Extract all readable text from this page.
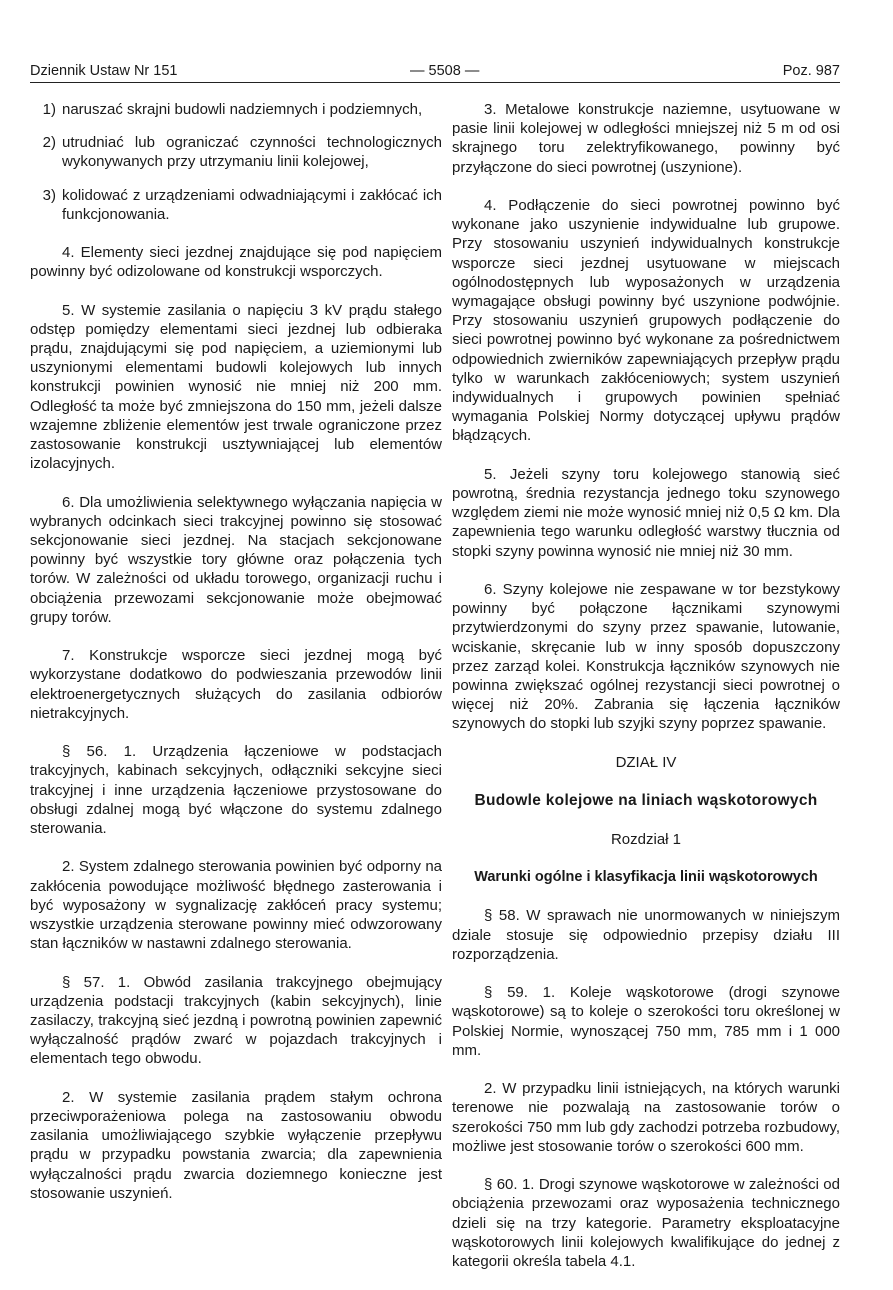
Dziennik Ustaw Nr 151	— 5508 —	Poz. 987
1) naruszać skrajni budowli nadziemnych i podziemnych,
2) utrudniać lub ograniczać czynności technologicznych wykonywanych przy utrzymaniu linii kolejowej,
3) kolidować z urządzeniami odwadniającymi i zakłócać ich funkcjonowania.

4. Elementy sieci jezdnej znajdujące się pod napięciem powinny być odizolowane od konstrukcji wsporczych.

5. W systemie zasilania o napięciu 3 kV prądu stałego odstęp pomiędzy elementami sieci jezdnej lub odbieraka prądu, znajdującymi się pod napięciem, a uziemionymi lub uszynionymi elementami budowli kolejowych lub innych konstrukcji powinien wynosić nie mniej niż 200 mm. Odległość ta może być zmniejszona do 150 mm, jeżeli dalsze wzajemne zbliżenie elementów jest trwale ograniczone przez zastosowanie konstrukcji usztywniającej lub elementów izolacyjnych.

6. Dla umożliwienia selektywnego wyłączania napięcia w wybranych odcinkach sieci trakcyjnej powinno się stosować sekcjonowanie sieci jezdnej. Na stacjach sekcjonowane powinny być wszystkie tory główne oraz połączenia tych torów. W zależności od układu torowego, organizacji ruchu i obciążenia przewozami sekcjonowanie może obejmować grupy torów.

7. Konstrukcje wsporcze sieci jezdnej mogą być wykorzystane dodatkowo do podwieszania przewodów linii elektroenergetycznych służących do zasilania odbiorów nietrakcyjnych.

§ 56. 1. Urządzenia łączeniowe w podstacjach trakcyjnych, kabinach sekcyjnych, odłączniki sekcyjne sieci trakcyjnej i inne urządzenia łączeniowe przystosowane do obsługi zdalnej mogą być włączone do systemu zdalnego sterowania.

2. System zdalnego sterowania powinien być odporny na zakłócenia powodujące możliwość błędnego zasterowania i być wyposażony w sygnalizację zakłóceń pracy systemu; wszystkie urządzenia sterowane powinny mieć odwzorowany stan łączników w nastawni zdalnego sterowania.

§ 57. 1. Obwód zasilania trakcyjnego obejmujący urządzenia podstacji trakcyjnych (kabin sekcyjnych), linie zasilaczy, trakcyjną sieć jezdną i powrotną powinien zapewnić wyłączalność prądów zwarć w pojazdach trakcyjnych i elementach tego obwodu.

2. W systemie zasilania prądem stałym ochrona przeciwporażeniowa polega na zastosowaniu obwodu zasilania umożliwiającego szybkie wyłączenie przepływu prądu w przypadku powstania zwarcia; dla zapewnienia wyłączalności prądu zwarcia doziemnego konieczne jest stosowanie uszynień.

3. Metalowe konstrukcje naziemne, usytuowane w pasie linii kolejowej w odległości mniejszej niż 5 m od osi skrajnego toru zelektryfikowanego, powinny być przyłączone do sieci powrotnej (uszynione).

4. Podłączenie do sieci powrotnej powinno być wykonane jako uszynienie indywidualne lub grupowe. Przy stosowaniu uszynień indywidualnych konstrukcje wsporcze sieci jezdnej usytuowane w miejscach ogólnodostępnych lub wyposażonych w urządzenia wymagające obsługi powinny być uszynione podwójnie. Przy stosowaniu uszynień grupowych podłączenie do sieci powrotnej powinno być wykonane za pośrednictwem odpowiednich zwierników zapewniających przepływ prądu tylko w warunkach zakłóceniowych; system uszynień indywidualnych i grupowych powinien spełniać wymagania Polskiej Normy dotyczącej upływu prądów błądzących.

5. Jeżeli szyny toru kolejowego stanowią sieć powrotną, średnia rezystancja jednego toku szynowego względem ziemi nie może wynosić mniej niż 0,5 Ω km. Dla zapewnienia tego warunku odległość warstwy tłucznia od stopki szyny powinna wynosić nie mniej niż 30 mm.

6. Szyny kolejowe nie zespawane w tor bezstykowy powinny być połączone łącznikami szynowymi przytwierdzonymi do szyny przez spawanie, lutowanie, wciskanie, skręcanie lub w inny sposób dopuszczony przez zarząd kolei. Konstrukcja łączników szynowych nie powinna zwiększać ogólnej rezystancji sieci powrotnej o więcej niż 20%. Zabrania się łączenia łączników szynowych do stopki lub szyjki szyny poprzez spawanie.

DZIAŁ IV
Budowle kolejowe na liniach wąskotorowych
Rozdział 1
Warunki ogólne i klasyfikacja linii wąskotorowych

§ 58. W sprawach nie unormowanych w niniejszym dziale stosuje się odpowiednio przepisy działu III rozporządzenia.

§ 59. 1. Koleje wąskotorowe (drogi szynowe wąskotorowe) są to koleje o szerokości toru określonej w Polskiej Normie, wynoszącej 750 mm, 785 mm i 1 000 mm.

2. W przypadku linii istniejących, na których warunki terenowe nie pozwalają na zastosowanie torów o szerokości 750 mm lub gdy zachodzi potrzeba rozbudowy, możliwe jest stosowanie torów o szerokości 600 mm.

§ 60. 1. Drogi szynowe wąskotorowe w zależności od obciążenia przewozami oraz wyposażenia technicznego dzieli się na trzy kategorie. Parametry eksploatacyjne wąskotorowych linii kolejowych kwalifikujące do jednej z kategorii określa tabela 4.1.
